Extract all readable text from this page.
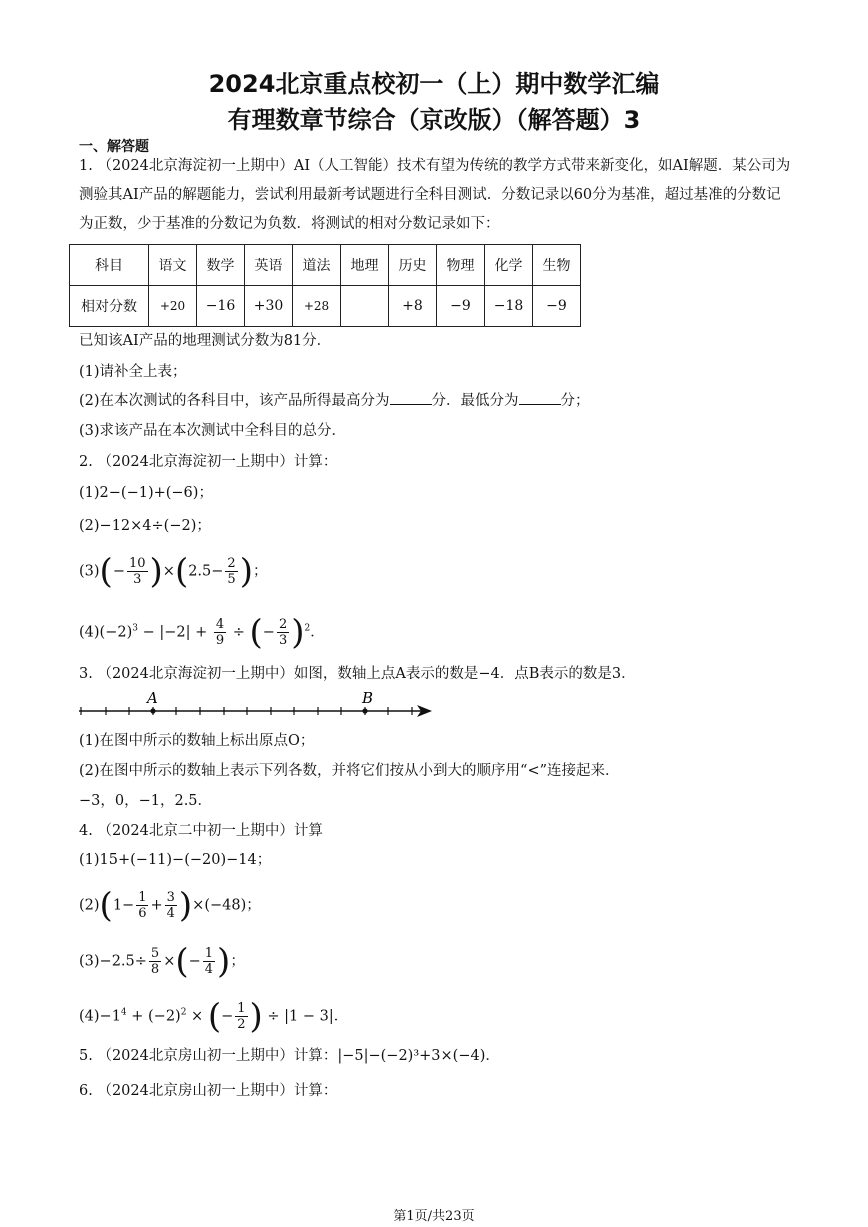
2024北京重点校初一（上）期中数学汇编
有理数章节综合（京改版）（解答题）3
一、解答题
1. （2024北京海淀初一上期中）AI（人工智能）技术有望为传统的教学方式带来新变化，如AI解题．某公司为测验其AI产品的解题能力，尝试利用最新考试题进行全科目测试．分数记录以60分为基准，超过基准的分数记为正数，少于基准的分数记为负数．将测试的相对分数记录如下：
科目	语文	数学	英语	道法	地理	历史	物理	化学	生物
相对分数	+20	−16	+30	+28		+8	−9	−18	−9
已知该AI产品的地理测试分数为81分．
(1)请补全上表；
(2)在本次测试的各科目中，该产品所得最高分为	分．最低分为	分；
(3)求该产品在本次测试中全科目的总分．
2. （2024北京海淀初一上期中）计算：
(1)2−(−1)+(−6)；
(2)−12×4÷(−2)；
$(3)(- \frac{10}{3} )\times(2.5- \frac{2}{5}$ )；
$(4)(-2)^3 - |-2| + \frac{4}{9}$ ÷ (− $\frac{2}{3} )^2$．
3. （2024北京海淀初一上期中）如图，数轴上点A表示的数是−4．点B表示的数是3．
A	B
(1)在图中所示的数轴上标出原点O；
(2)在图中所示的数轴上表示下列各数，并将它们按从小到大的顺序用“<”连接起来．
−3，0，−1，2.5．
4. （2024北京二中初一上期中）计算
(1)15+(−11)−(−20)−14；
$(2)(1- \frac{1}{6} + \frac{3}{4} )\times(-48)$；
$(3)-2.5\div \frac{5}{8}$ ×(− $\frac{1}{4}$ )；
$(4)-1^4 + (-2)^2$ × (− $\frac{1}{2}$ ) ÷ |1 − 3|．
5. （2024北京房山初一上期中）计算：|−5|−(−2)³+3×(−4)．
6. （2024北京房山初一上期中）计算：
第1页/共23页
